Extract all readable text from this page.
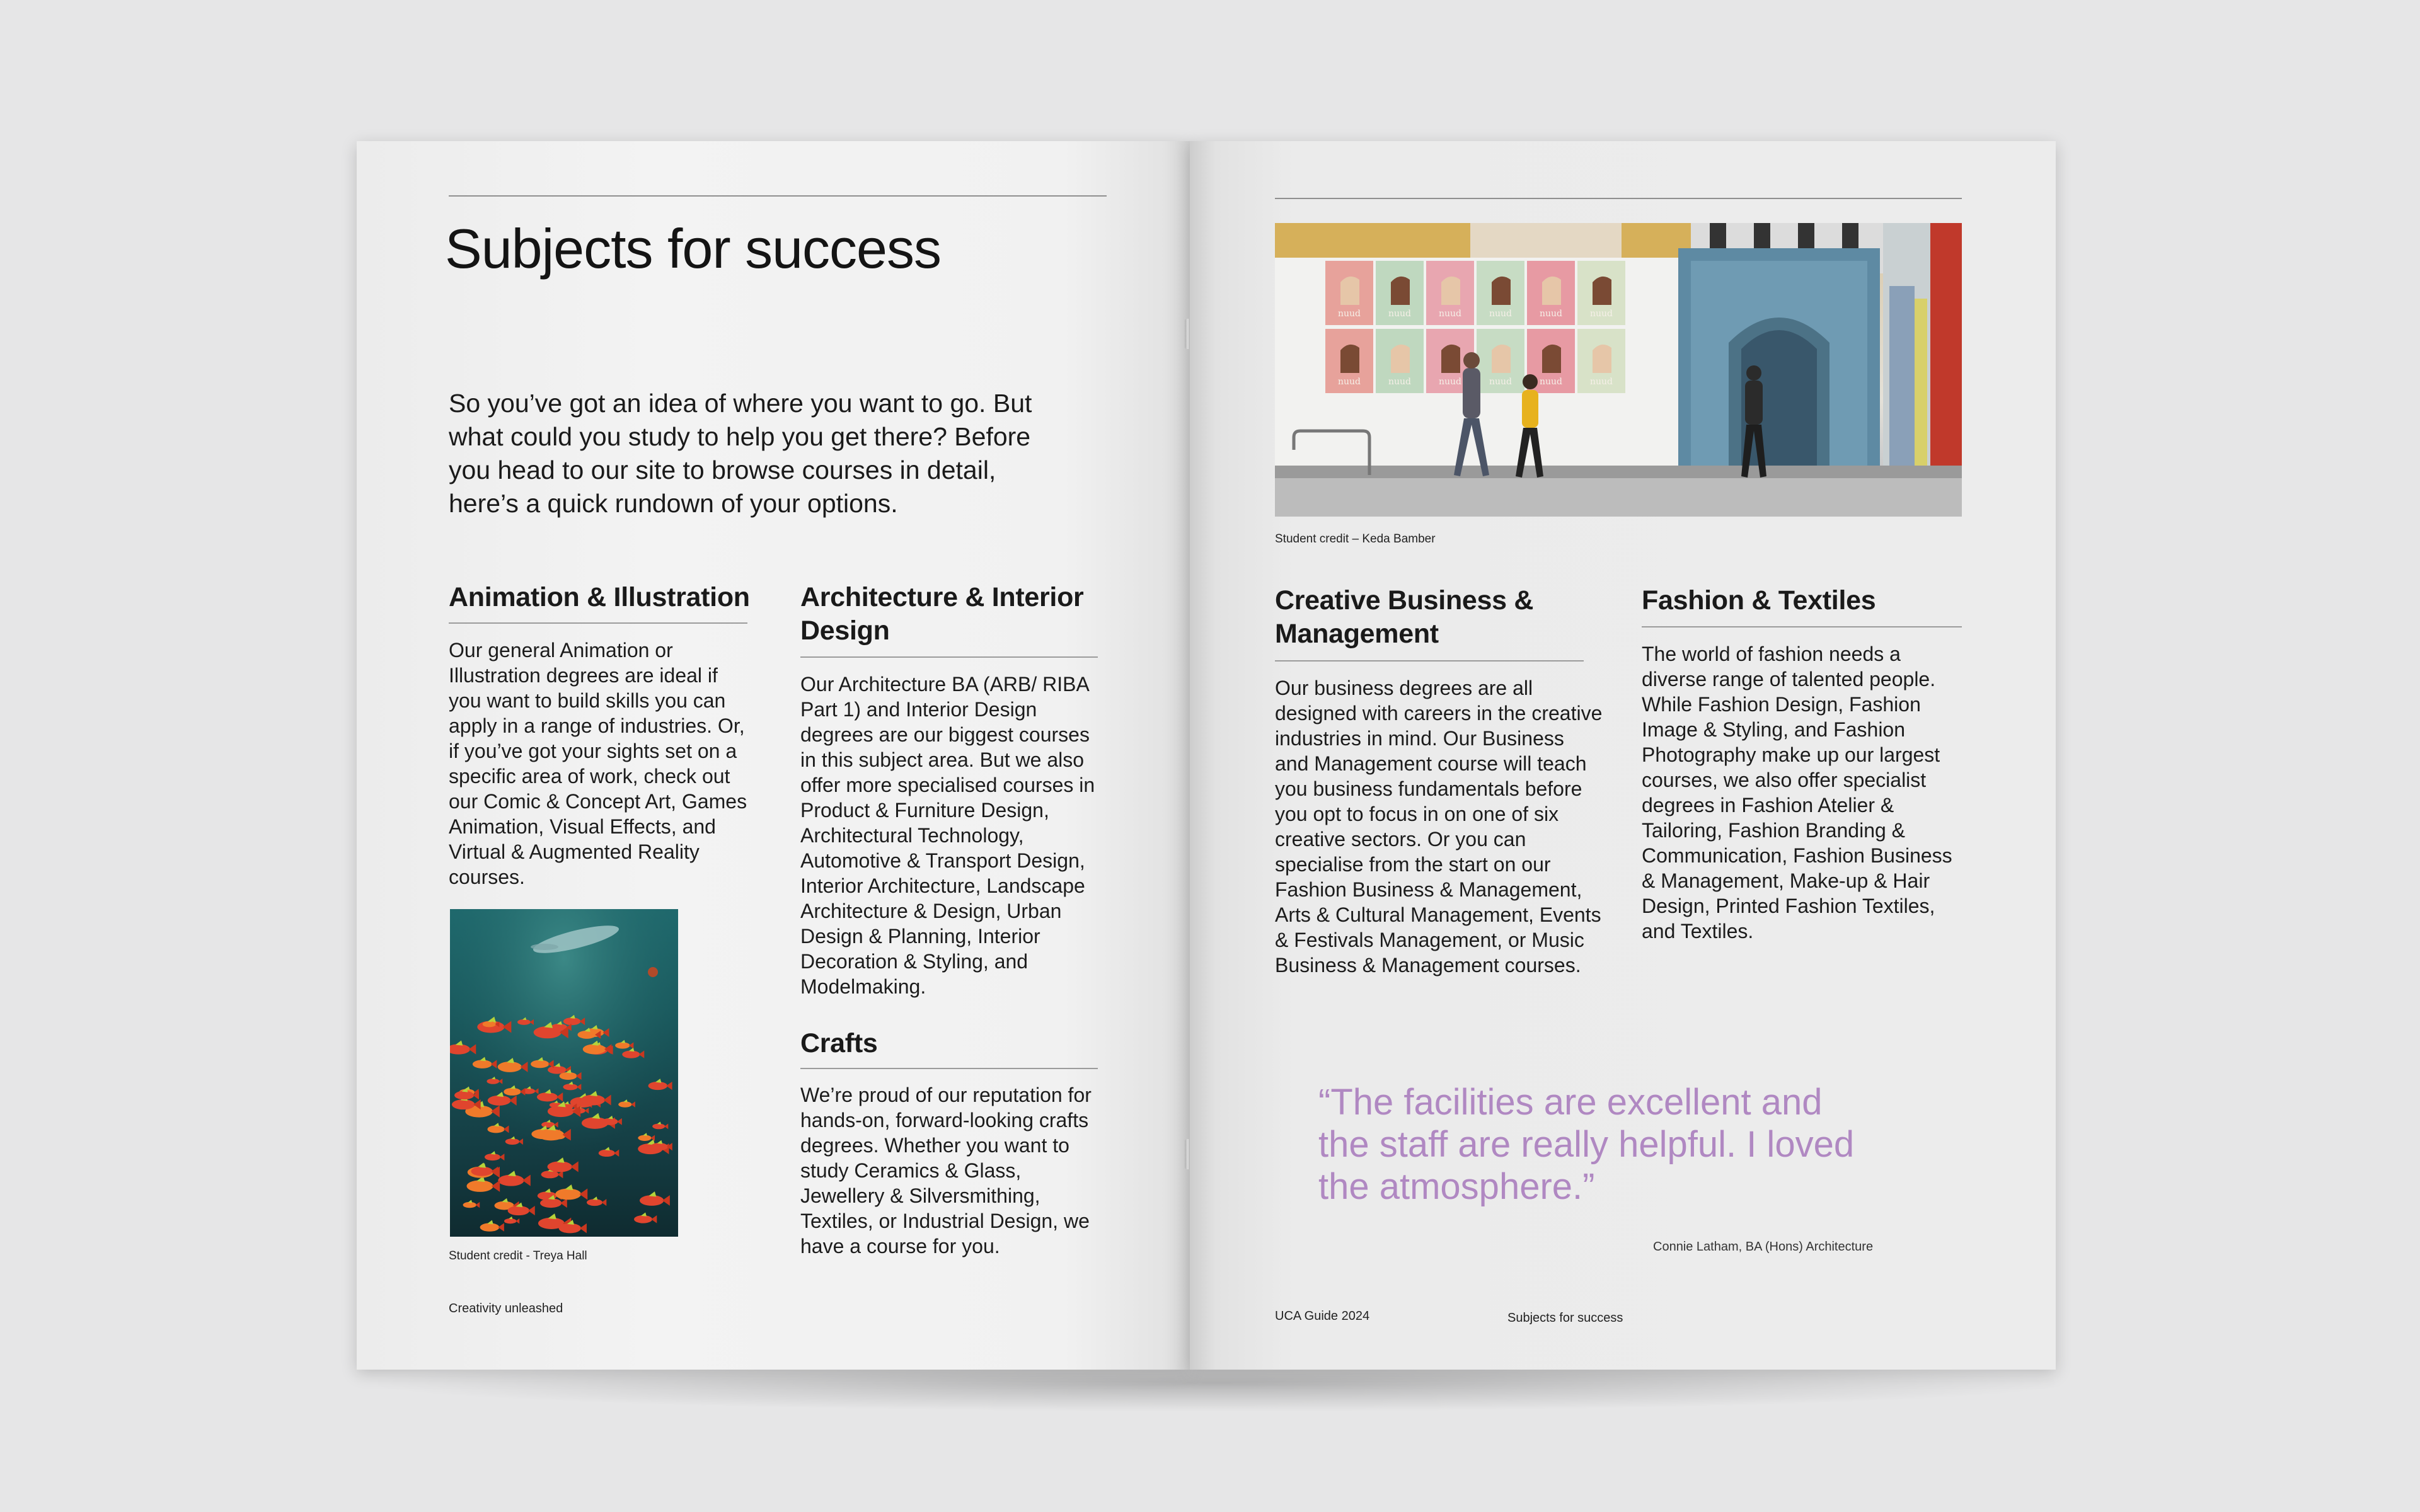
Subjects for success
So you’ve got an idea of where you want to go. But what could you study to help you get there? Before you head to our site to browse courses in detail, here’s a quick rundown of your options.
Animation & Illustration
Our general Animation or Illustration degrees are ideal if you want to build skills you can apply in a range of industries. Or, if you’ve got your sights set on a specific area of work, check out our Comic & Concept Art, Games Animation, Visual Effects, and Virtual & Augmented Reality courses.
Student credit - Treya Hall
Architecture & Interior Design
Our Architecture BA (ARB/ RIBA Part 1) and Interior Design degrees are our biggest courses in this subject area. But we also offer more specialised courses in Product & Furniture Design, Architectural Technology, Automotive & Transport Design, Interior Architecture, Landscape Architecture & Design, Urban Design & Planning, Interior Decoration & Styling, and Modelmaking.
Crafts
We’re proud of our reputation for hands-on, forward-looking crafts degrees. Whether you want to study Ceramics & Glass, Jewellery & Silversmithing, Textiles, or Industrial Design, we have a course for you.
Creativity unleashed
nuud	nuud	nuud	nuud	nuud	nuud
nuud	nuud	nuud	nuud	nuud	nuud
Student credit – Keda Bamber
Creative Business & Management
Our business degrees are all designed with careers in the creative industries in mind. Our Business and Management course will teach you business fundamentals before you opt to focus in on one of six creative sectors. Or you can specialise from the start on our Fashion Business & Management, Arts & Cultural Management, Events & Festivals Management, or Music Business & Management courses.
Fashion & Textiles
The world of fashion needs a diverse range of talented people. While Fashion Design, Fashion Image & Styling, and Fashion Photography make up our largest courses, we also offer specialist degrees in Fashion Atelier & Tailoring, Fashion Branding & Communication, Fashion Business & Management, Make-up & Hair Design, Printed Fashion Textiles, and Textiles.
“The facilities are excellent and the staff are really helpful. I loved the atmosphere.”
Connie Latham, BA (Hons) Architecture
UCA Guide 2024	Subjects for success
